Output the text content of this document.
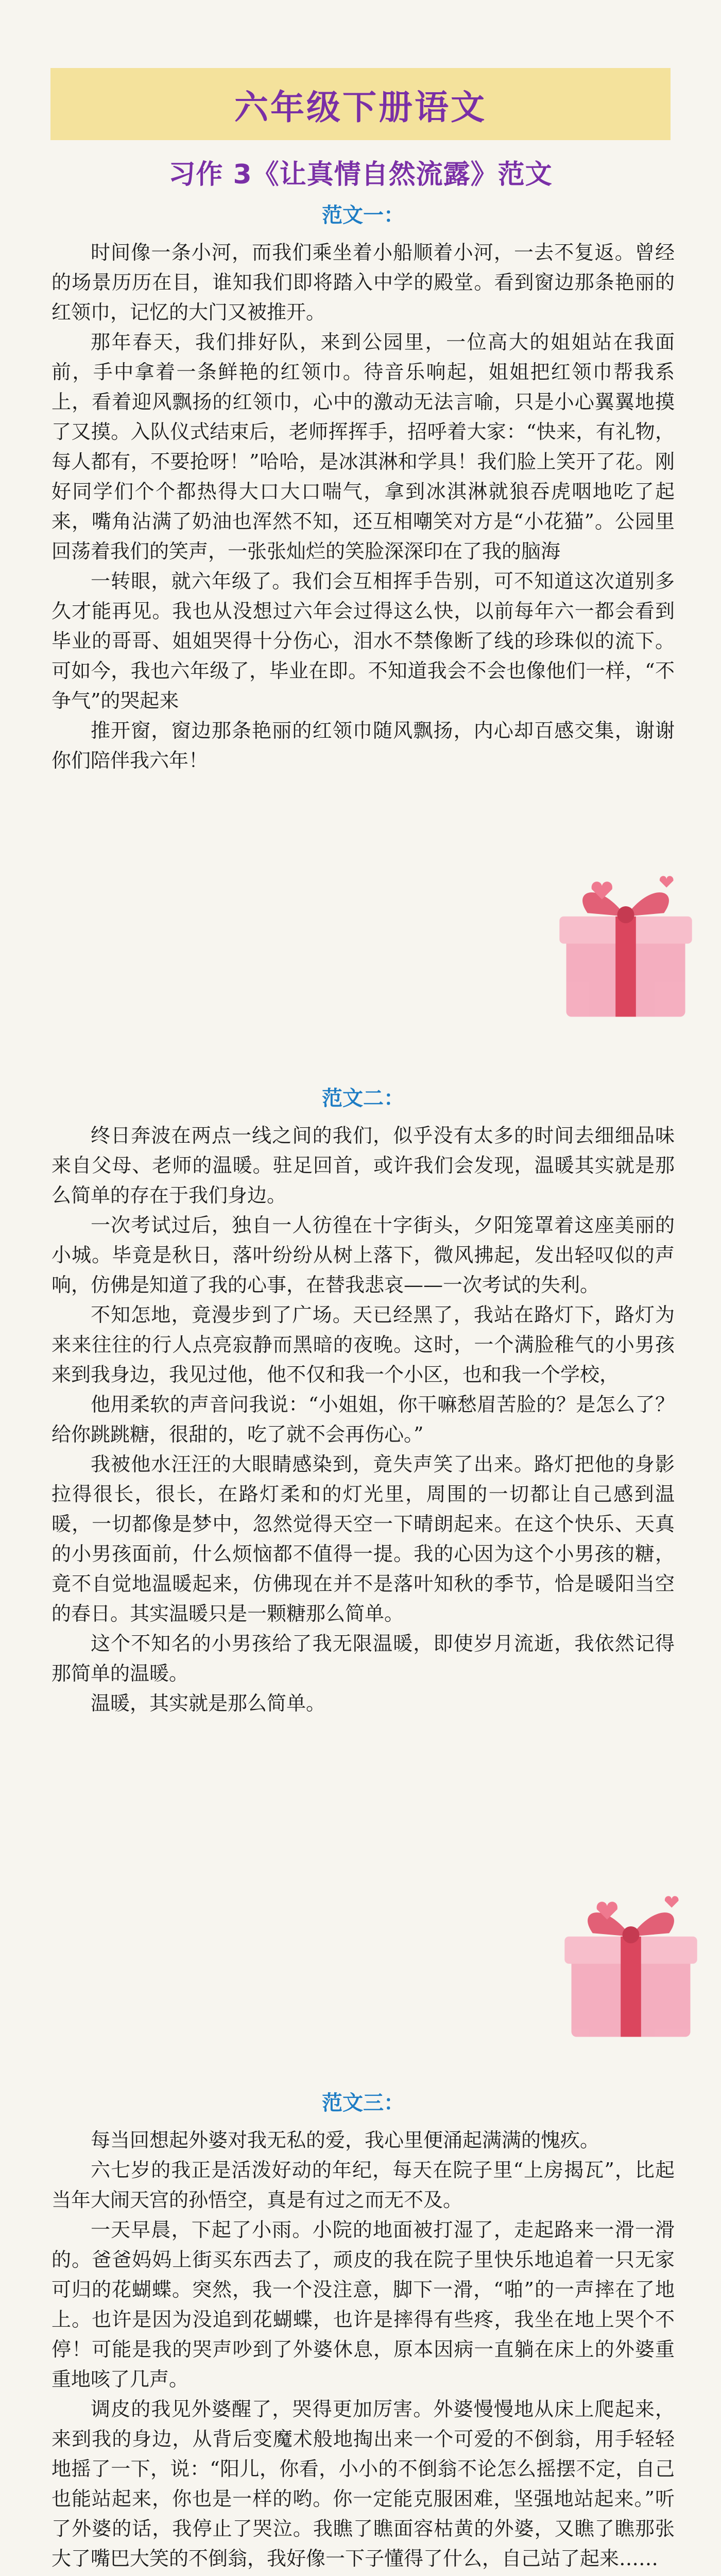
六年级下册语文
习作 3《让真情自然流露》范文
范文一：

时间像一条小河，而我们乘坐着小船顺着小河，一去不复返。曾经的场景历历在目，谁知我们即将踏入中学的殿堂。看到窗边那条艳丽的红领巾，记忆的大门又被推开。

那年春天，我们排好队，来到公园里，一位高大的姐姐站在我面前，手中拿着一条鲜艳的红领巾。待音乐响起，姐姐把红领巾帮我系上，看着迎风飘扬的红领巾，心中的激动无法言喻，只是小心翼翼地摸了又摸。入队仪式结束后，老师挥挥手，招呼着大家：“快来，有礼物，每人都有，不要抢呀！”哈哈，是冰淇淋和学具！我们脸上笑开了花。刚好同学们个个都热得大口大口喘气，拿到冰淇淋就狼吞虎咽地吃了起来，嘴角沾满了奶油也浑然不知，还互相嘲笑对方是“小花猫”。公园里回荡着我们的笑声，一张张灿烂的笑脸深深印在了我的脑海

一转眼，就六年级了。我们会互相挥手告别，可不知道这次道别多久才能再见。我也从没想过六年会过得这么快，以前每年六一都会看到毕业的哥哥、姐姐哭得十分伤心，泪水不禁像断了线的珍珠似的流下。可如今，我也六年级了，毕业在即。不知道我会不会也像他们一样，“不争气”的哭起来

推开窗，窗边那条艳丽的红领巾随风飘扬，内心却百感交集，谢谢你们陪伴我六年！

范文二：

终日奔波在两点一线之间的我们，似乎没有太多的时间去细细品味来自父母、老师的温暖。驻足回首，或许我们会发现，温暖其实就是那么简单的存在于我们身边。

一次考试过后，独自一人彷徨在十字街头，夕阳笼罩着这座美丽的小城。毕竟是秋日，落叶纷纷从树上落下，微风拂起，发出轻叹似的声响，仿佛是知道了我的心事，在替我悲哀——一次考试的失利。

不知怎地，竟漫步到了广场。天已经黑了，我站在路灯下，路灯为来来往往的行人点亮寂静而黑暗的夜晚。这时，一个满脸稚气的小男孩来到我身边，我见过他，他不仅和我一个小区，也和我一个学校，

他用柔软的声音问我说：“小姐姐，你干嘛愁眉苦脸的？是怎么了？给你跳跳糖，很甜的，吃了就不会再伤心。”

我被他水汪汪的大眼睛感染到，竟失声笑了出来。路灯把他的身影拉得很长，很长，在路灯柔和的灯光里，周围的一切都让自己感到温暖，一切都像是梦中，忽然觉得天空一下晴朗起来。在这个快乐、天真的小男孩面前，什么烦恼都不值得一提。我的心因为这个小男孩的糖，竟不自觉地温暖起来，仿佛现在并不是落叶知秋的季节，恰是暖阳当空的春日。其实温暖只是一颗糖那么简单。

这个不知名的小男孩给了我无限温暖，即使岁月流逝，我依然记得那简单的温暖。

温暖，其实就是那么简单。

范文三：

每当回想起外婆对我无私的爱，我心里便涌起满满的愧疚。

六七岁的我正是活泼好动的年纪，每天在院子里“上房揭瓦”，比起当年大闹天宫的孙悟空，真是有过之而无不及。

一天早晨，下起了小雨。小院的地面被打湿了，走起路来一滑一滑的。爸爸妈妈上街买东西去了，顽皮的我在院子里快乐地追着一只无家可归的花蝴蝶。突然，我一个没注意，脚下一滑，“啪”的一声摔在了地上。也许是因为没追到花蝴蝶，也许是摔得有些疼，我坐在地上哭个不停！可能是我的哭声吵到了外婆休息，原本因病一直躺在床上的外婆重重地咳了几声。

调皮的我见外婆醒了，哭得更加厉害。外婆慢慢地从床上爬起来，来到我的身边，从背后变魔术般地掏出来一个可爱的不倒翁，用手轻轻地摇了一下，说：“阳儿，你看，小小的不倒翁不论怎么摇摆不定，自己也能站起来，你也是一样的哟。你一定能克服困难，坚强地站起来。”听了外婆的话，我停止了哭泣。我瞧了瞧面容枯黄的外婆，又瞧了瞧那张大了嘴巴大笑的不倒翁，我好像一下子懂得了什么，自己站了起来……
